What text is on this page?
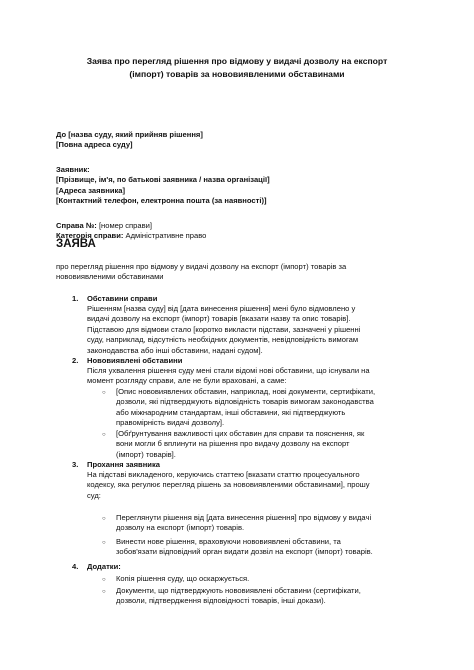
Заява про перегляд рішення про відмову у видачі дозволу на експорт
(імпорт) товарів за нововиявленими обставинами
До [назва суду, який прийняв рішення]
[Повна адреса суду]
Заявник:
[Прізвище, ім'я, по батькові заявника / назва організації]
[Адреса заявника]
[Контактний телефон, електронна пошта (за наявності)]
Справа №: [номер справи]
Категорія справи: Адміністративне право
ЗАЯВА
про перегляд рішення про відмову у видачі дозволу на експорт (імпорт) товарів за
нововиявленими обставинами
1. Обставини справи
Рішенням [назва суду] від [дата винесення рішення] мені було відмовлено у
видачі дозволу на експорт (імпорт) товарів [вказати назву та опис товарів].
Підставою для відмови стало [коротко викласти підстави, зазначені у рішенні
суду, наприклад, відсутність необхідних документів, невідповідність вимогам
законодавства або інші обставини, надані судом].
2. Нововиявлені обставини
Після ухвалення рішення суду мені стали відомі нові обставини, що існували на
момент розгляду справи, але не були враховані, а саме:
○ [Опис нововиявлених обставин, наприклад, нові документи, сертифікати,
дозволи, які підтверджують відповідність товарів вимогам законодавства
або міжнародним стандартам, інші обставини, які підтверджують
правомірність видачі дозволу].
○ [Обґрунтування важливості цих обставин для справи та пояснення, як
вони могли б вплинути на рішення про видачу дозволу на експорт
(імпорт) товарів].
3. Прохання заявника
На підставі викладеного, керуючись статтею [вказати статтю процесуального
кодексу, яка регулює перегляд рішень за нововиявленими обставинами], прошу
суд:
○ Переглянути рішення від [дата винесення рішення] про відмову у видачі
дозволу на експорт (імпорт) товарів.
○ Винести нове рішення, враховуючи нововиявлені обставини, та
зобов'язати відповідний орган видати дозвіл на експорт (імпорт) товарів.
4. Додатки:
○ Копія рішення суду, що оскаржується.
○ Документи, що підтверджують нововиявлені обставини (сертифікати,
дозволи, підтвердження відповідності товарів, інші докази).
